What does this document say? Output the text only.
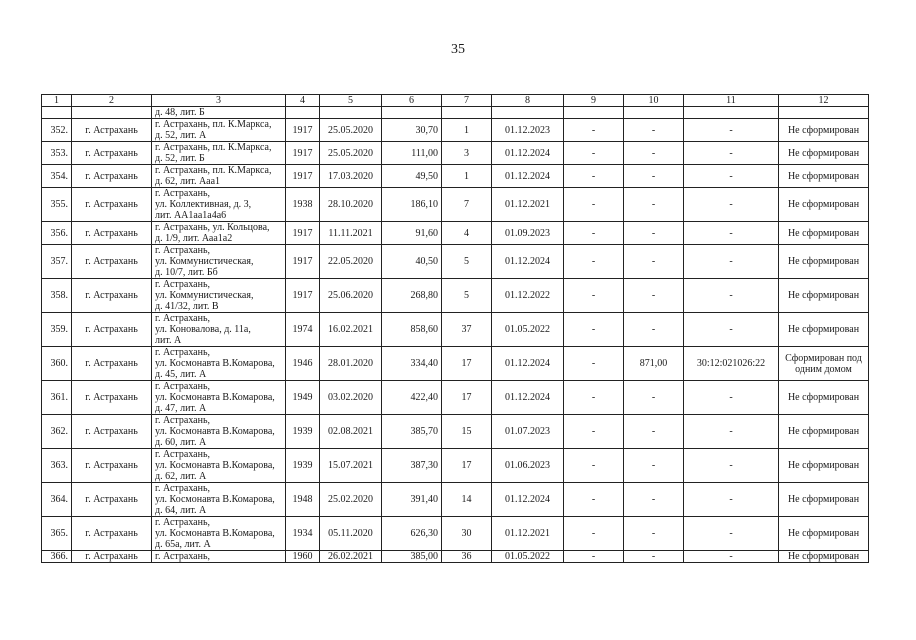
35
1	2	3	4	5	6	7	8	9	10	11	12
		д. 48, лит. Б									
352.	г. Астрахань	г. Астрахань, пл. К.Маркса,
д. 52, лит. А	1917	25.05.2020	30,70	1	01.12.2023	-	-	-	Не сформирован
353.	г. Астрахань	г. Астрахань, пл. К.Маркса,
д. 52, лит. Б	1917	25.05.2020	111,00	3	01.12.2024	-	-	-	Не сформирован
354.	г. Астрахань	г. Астрахань, пл. К.Маркса,
д. 62, лит. Ааа1	1917	17.03.2020	49,50	1	01.12.2024	-	-	-	Не сформирован
355.	г. Астрахань	г. Астрахань,
ул. Коллективная, д. 3,
лит. АА1аа1а4а6	1938	28.10.2020	186,10	7	01.12.2021	-	-	-	Не сформирован
356.	г. Астрахань	г. Астрахань, ул. Кольцова,
д. 1/9, лит. Ааа1а2	1917	11.11.2021	91,60	4	01.09.2023	-	-	-	Не сформирован
357.	г. Астрахань	г. Астрахань,
ул. Коммунистическая,
д. 10/7, лит. Бб	1917	22.05.2020	40,50	5	01.12.2024	-	-	-	Не сформирован
358.	г. Астрахань	г. Астрахань,
ул. Коммунистическая,
д. 41/32, лит. В	1917	25.06.2020	268,80	5	01.12.2022	-	-	-	Не сформирован
359.	г. Астрахань	г. Астрахань,
ул. Коновалова, д. 11а,
лит. А	1974	16.02.2021	858,60	37	01.05.2022	-	-	-	Не сформирован
360.	г. Астрахань	г. Астрахань,
ул. Космонавта В.Комарова,
д. 45, лит. А	1946	28.01.2020	334,40	17	01.12.2024	-	871,00	30:12:021026:22	Сформирован под
одним домом
361.	г. Астрахань	г. Астрахань,
ул. Космонавта В.Комарова,
д. 47, лит. А	1949	03.02.2020	422,40	17	01.12.2024	-	-	-	Не сформирован
362.	г. Астрахань	г. Астрахань,
ул. Космонавта В.Комарова,
д. 60, лит. А	1939	02.08.2021	385,70	15	01.07.2023	-	-	-	Не сформирован
363.	г. Астрахань	г. Астрахань,
ул. Космонавта В.Комарова,
д. 62, лит. А	1939	15.07.2021	387,30	17	01.06.2023	-	-	-	Не сформирован
364.	г. Астрахань	г. Астрахань,
ул. Космонавта В.Комарова,
д. 64, лит. А	1948	25.02.2020	391,40	14	01.12.2024	-	-	-	Не сформирован
365.	г. Астрахань	г. Астрахань,
ул. Космонавта В.Комарова,
д. 65а, лит. А	1934	05.11.2020	626,30	30	01.12.2021	-	-	-	Не сформирован
366.	г. Астрахань	г. Астрахань,	1960	26.02.2021	385,00	36	01.05.2022	-	-	-	Не сформирован
